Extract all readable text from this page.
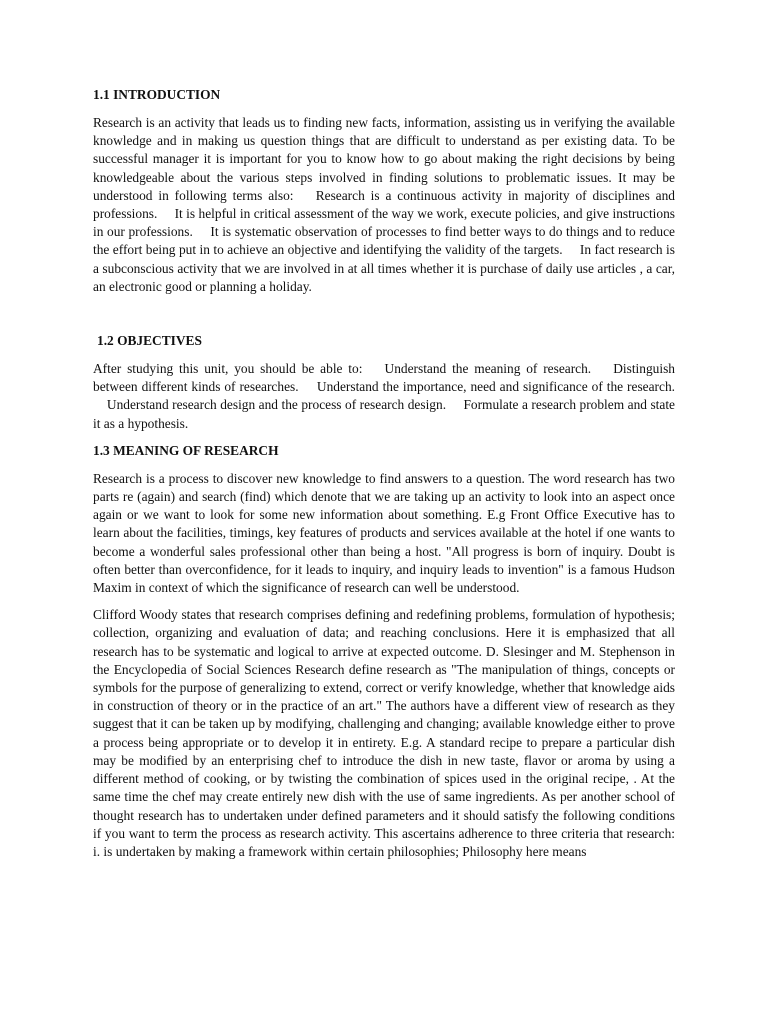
1.1 INTRODUCTION

Research is an activity that leads us to finding new facts, information, assisting us in verifying the available knowledge and in making us question things that are difficult to understand as per existing data. To be successful manager it is important for you to know how to go about making the right decisions by being knowledgeable about the various steps involved in finding solutions to problematic issues. It may be understood in following terms also: Research is a continuous activity in majority of disciplines and professions. It is helpful in critical assessment of the way we work, execute policies, and give instructions in our professions. It is systematic observation of processes to find better ways to do things and to reduce the effort being put in to achieve an objective and identifying the validity of the targets. In fact research is a subconscious activity that we are involved in at all times whether it is purchase of daily use articles , a car, an electronic good or planning a holiday.

1.2 OBJECTIVES

After studying this unit, you should be able to: Understand the meaning of research. Distinguish between different kinds of researches. Understand the importance, need and significance of the research. Understand research design and the process of research design. Formulate a research problem and state it as a hypothesis.

1.3 MEANING OF RESEARCH

Research is a process to discover new knowledge to find answers to a question. The word research has two parts re (again) and search (find) which denote that we are taking up an activity to look into an aspect once again or we want to look for some new information about something. E.g Front Office Executive has to learn about the facilities, timings, key features of products and services available at the hotel if one wants to become a wonderful sales professional other than being a host. "All progress is born of inquiry. Doubt is often better than overconfidence, for it leads to inquiry, and inquiry leads to invention" is a famous Hudson Maxim in context of which the significance of research can well be understood.

Clifford Woody states that research comprises defining and redefining problems, formulation of hypothesis; collection, organizing and evaluation of data; and reaching conclusions. Here it is emphasized that all research has to be systematic and logical to arrive at expected outcome. D. Slesinger and M. Stephenson in the Encyclopedia of Social Sciences Research define research as "The manipulation of things, concepts or symbols for the purpose of generalizing to extend, correct or verify knowledge, whether that knowledge aids in construction of theory or in the practice of an art." The authors have a different view of research as they suggest that it can be taken up by modifying, challenging and changing; available knowledge either to prove a process being appropriate or to develop it in entirety. E.g. A standard recipe to prepare a particular dish may be modified by an enterprising chef to introduce the dish in new taste, flavor or aroma by using a different method of cooking, or by twisting the combination of spices used in the original recipe, . At the same time the chef may create entirely new dish with the use of same ingredients. As per another school of thought research has to undertaken under defined parameters and it should satisfy the following conditions if you want to term the process as research activity. This ascertains adherence to three criteria that research: i. is undertaken by making a framework within certain philosophies; Philosophy here means
